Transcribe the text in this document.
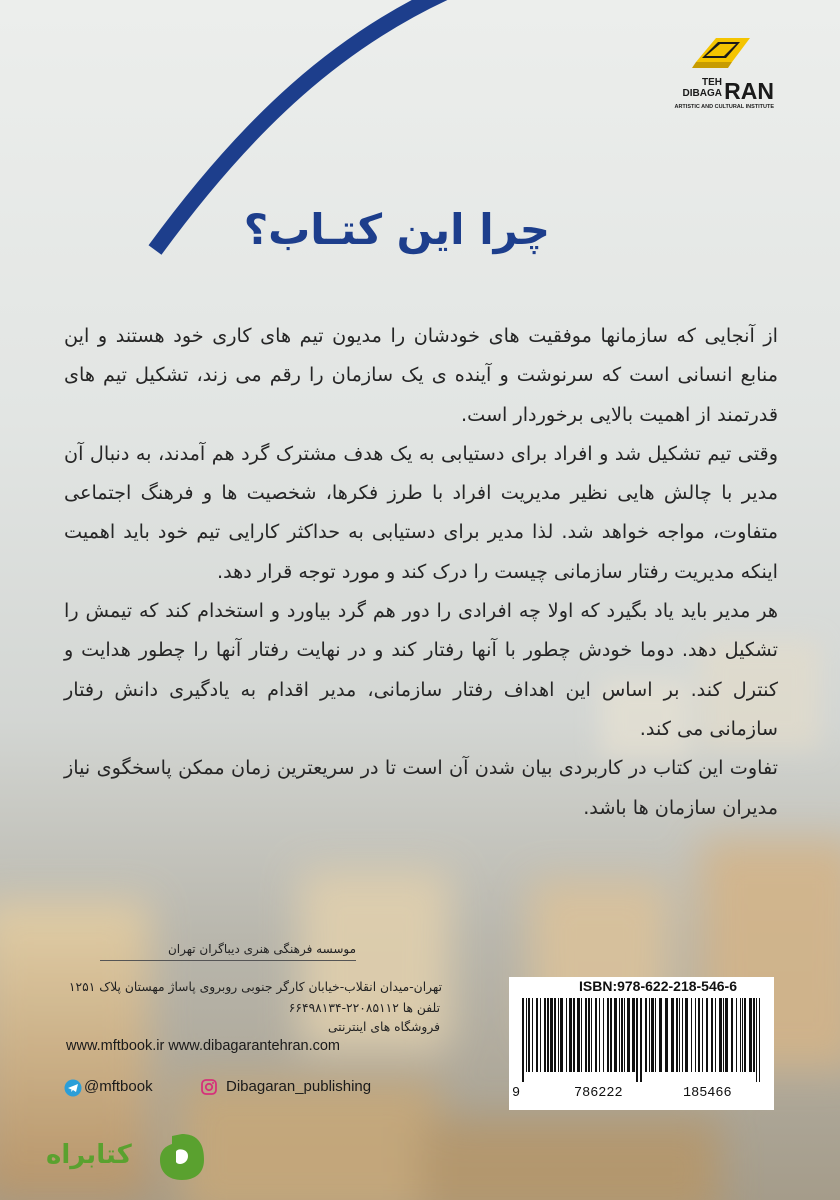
RAN
TEH
DIBAGA
ARTISTIC AND CULTURAL INSTITUTE
چرا این کتـاب؟

از آنجایی که سازمانها موفقیت های خودشان را مدیون تیم های کاری خود هستند و این منابع انسانی است که سرنوشت و آینده ی یک سازمان را رقم می زند، تشکیل تیم های قدرتمند از اهمیت بالایی برخوردار است.

وقتی تیم تشکیل شد و افراد برای دستیابی به یک هدف مشترک گرد هم آمدند، به دنبال آن مدیر با چالش هایی نظیر مدیریت افراد با طرز فکرها، شخصیت ها و فرهنگ اجتماعی متفاوت، مواجه خواهد شد. لذا مدیر برای دستیابی به حداکثر کارایی تیم خود باید اهمیت اینکه مدیریت رفتار سازمانی چیست را درک کند و مورد توجه قرار دهد.

هر مدیر باید یاد بگیرد که اولا چه افرادی را دور هم گرد بیاورد و استخدام کند که تیمش را تشکیل دهد. دوما خودش چطور با آنها رفتار کند و در نهایت رفتار آنها را چطور هدایت و کنترل کند. بر اساس این اهداف رفتار سازمانی، مدیر اقدام به یادگیری دانش رفتار سازمانی می کند.

تفاوت این کتاب در کاربردی بیان شدن آن است تا در سریعترین زمان ممکن پاسخگوی نیاز مدیران سازمان ها باشد.

موسسه فرهنگی هنری دیباگران تهران
تهران-میدان انقلاب-خیابان کارگر جنوبی روبروی پاساژ مهستان پلاک ۱۲۵۱
تلفن ها ۲۲۰۸۵۱۱۲-۶۶۴۹۸۱۳۴
فروشگاه های اینترنتی
www.mftbook.ir www.dibagarantehran.com
@mftbook	Dibagaran_publishing
ISBN:978-622-218-546-6
9	786222	185466
کتابراه
